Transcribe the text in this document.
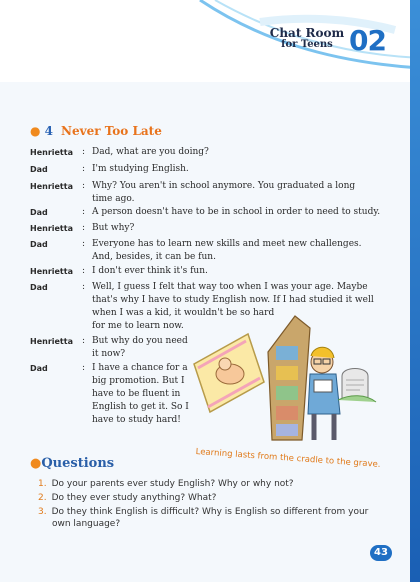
Chat Room
for Teens 02
● 4 Never Too Late
Henrietta	: Dad, what are you doing?
Dad	: I'm studying English.
Henrietta	: Why? You aren't in school anymore. You graduated a long
time ago.
Dad	: A person doesn't have to be in school in order to need to study.
Henrietta	: But why?
Dad	: Everyone has to learn new skills and meet new challenges.
And, besides, it can be fun.
Henrietta	: I don't ever think it's fun.
Dad	: Well, I guess I felt that way too when I was your age. Maybe
that's why I have to study English now. If I had studied it well
when I was a kid, it wouldn't be so hard
for me to learn now.
Henrietta	: But why do you need
it now?
Dad	: I have a chance for a
big promotion. But I
have to be fluent in
English to get it. So I
have to study hard!
Learning lasts from the cradle to the grave.
●Questions
1. Do your parents ever study English? Why or why not?
2. Do they ever study anything? What?
3. Do they think English is difficult? Why is English so different from your
own language?
43
